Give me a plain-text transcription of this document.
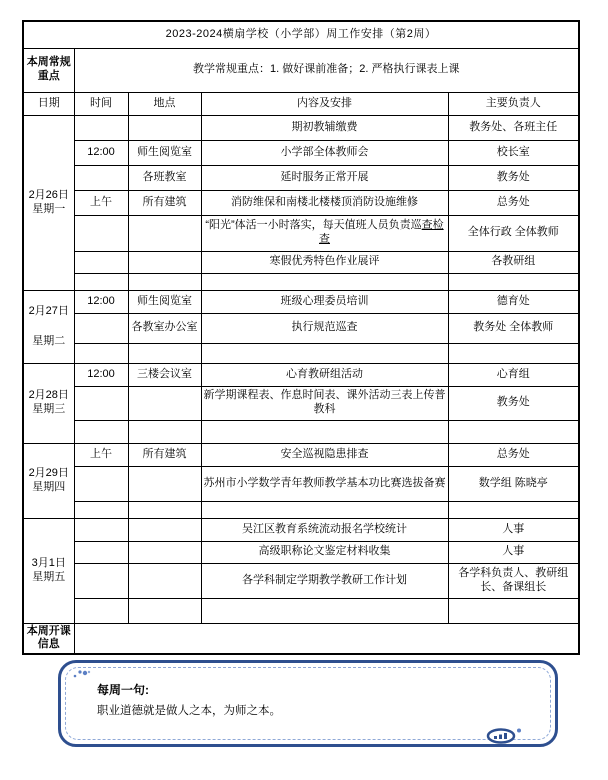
2023-2024横扇学校（小学部）周工作安排（第2周）				
本周常规重点	教学常规重点：1. 做好课前准备；2. 严格执行课表上课			
日期	时间	地点	内容及安排	主要负责人

2月26日
星期一			期初教辅缴费	教务处、各班主任
	12:00	师生阅览室	小学部全体教师会	校长室
		各班教室	延时服务正常开展	教务处
	上午	所有建筑	消防维保和南楼北楼楼顶消防设施维修	总务处
			“阳光”体活一小时落实，每天值班人员负责巡查检查	全体行政 全体教师
			寒假优秀特色作业展评	各教研组

2月27日
星期二	12:00	师生阅览室	班级心理委员培训	德育处
		各教室办公室	执行规范巡查	教务处 全体教师

2月28日
星期三	12:00	三楼会议室	心育教研组活动	心育组
			新学期课程表、作息时间表、课外活动三表上传普教科	教务处

2月29日
星期四	上午	所有建筑	安全巡视隐患排查	总务处
			苏州市小学数学青年教师教学基本功比赛选拔备赛	数学组 陈晓亭

3月1日
星期五			吴江区教育系统流动报名学校统计	人事
			高级职称论文鉴定材料收集	人事
			各学科制定学期教学教研工作计划	各学科负责人、教研组长、备课组长

本周开课信息				
每周一句:
职业道德就是做人之本，为师之本。
